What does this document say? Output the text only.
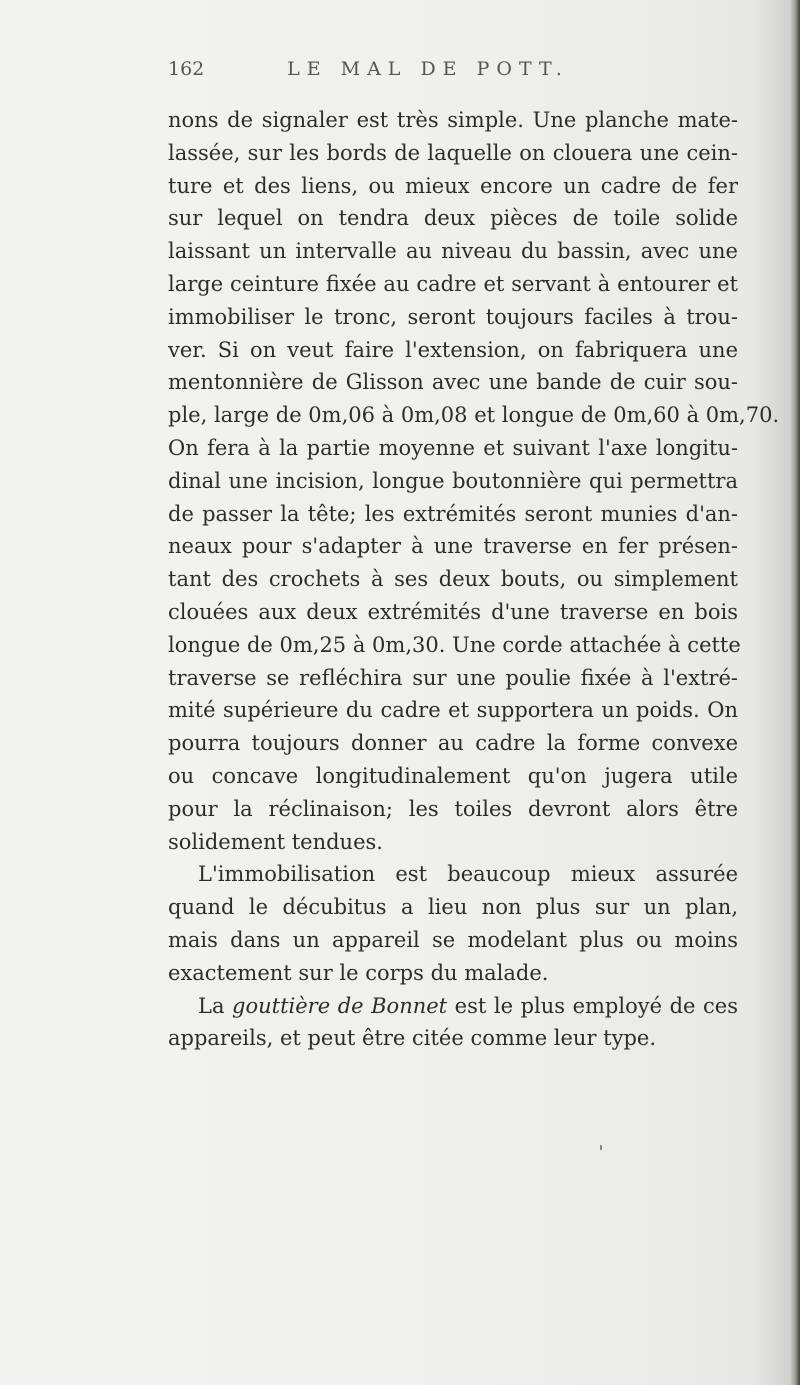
162	LE MAL DE POTT.
nons de signaler est très simple. Une planche mate-
lassée, sur les bords de laquelle on clouera une cein-
ture et des liens, ou mieux encore un cadre de fer
sur lequel on tendra deux pièces de toile solide
laissant un intervalle au niveau du bassin, avec une
large ceinture fixée au cadre et servant à entourer et
immobiliser le tronc, seront toujours faciles à trou-
ver. Si on veut faire l'extension, on fabriquera une
mentonnière de Glisson avec une bande de cuir sou-
ple, large de 0m,06 à 0m,08 et longue de 0m,60 à 0m,70.
On fera à la partie moyenne et suivant l'axe longitu-
dinal une incision, longue boutonnière qui permettra
de passer la tête; les extrémités seront munies d'an-
neaux pour s'adapter à une traverse en fer présen-
tant des crochets à ses deux bouts, ou simplement
clouées aux deux extrémités d'une traverse en bois
longue de 0m,25 à 0m,30. Une corde attachée à cette
traverse se refléchira sur une poulie fixée à l'extré-
mité supérieure du cadre et supportera un poids. On
pourra toujours donner au cadre la forme convexe
ou concave longitudinalement qu'on jugera utile
pour la réclinaison; les toiles devront alors être
solidement tendues.
L'immobilisation est beaucoup mieux assurée
quand le décubitus a lieu non plus sur un plan,
mais dans un appareil se modelant plus ou moins
exactement sur le corps du malade.
La gouttière de Bonnet est le plus employé de ces
appareils, et peut être citée comme leur type.
